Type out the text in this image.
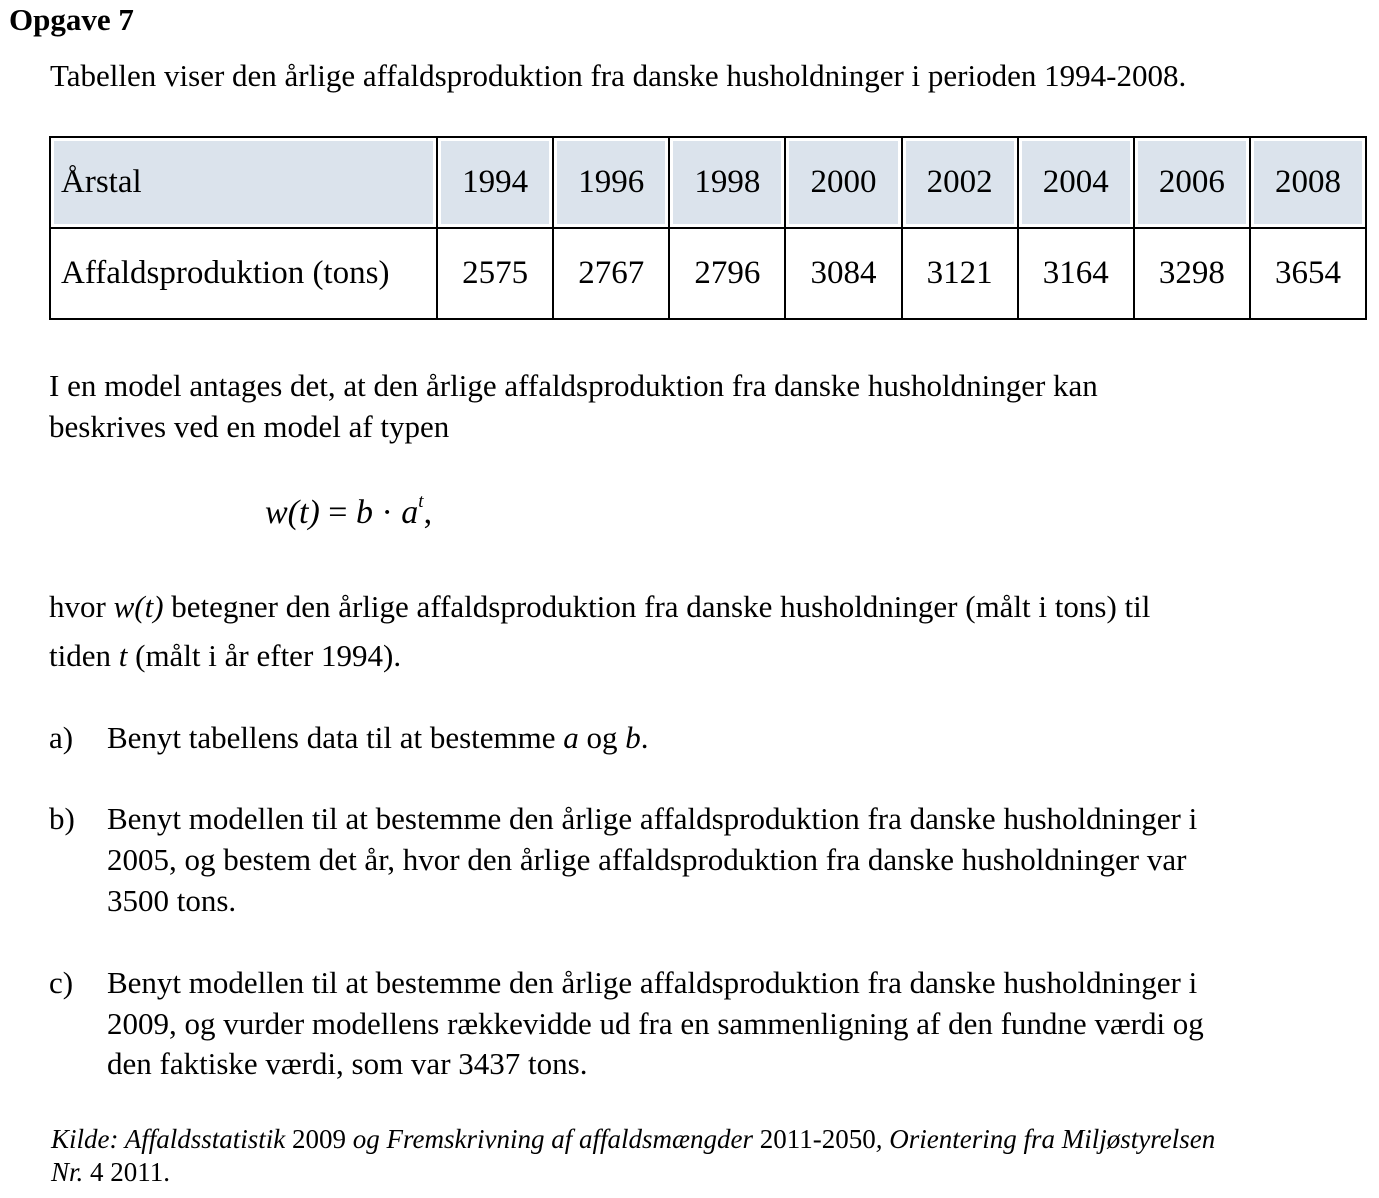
Opgave 7
Tabellen viser den årlige affaldsproduktion fra danske husholdninger i perioden 1994-2008.
Årstal	1994	1996	1998	2000	2002	2004	2006	2008
Affaldsproduktion (tons)	2575	2767	2796	3084	3121	3164	3298	3654
I en model antages det, at den årlige affaldsproduktion fra danske husholdninger kan
beskrives ved en model af typen
$w(t) = b \cdot a^t$,
hvor w(t) betegner den årlige affaldsproduktion fra danske husholdninger (målt i tons) til
tiden t (målt i år efter 1994).
a) Benyt tabellens data til at bestemme a og b.
b) Benyt modellen til at bestemme den årlige affaldsproduktion fra danske husholdninger i
2005, og bestem det år, hvor den årlige affaldsproduktion fra danske husholdninger var
3500 tons.
c) Benyt modellen til at bestemme den årlige affaldsproduktion fra danske husholdninger i
2009, og vurder modellens rækkevidde ud fra en sammenligning af den fundne værdi og
den faktiske værdi, som var 3437 tons.
Kilde: Affaldsstatistik 2009 og Fremskrivning af affaldsmængder 2011-2050, Orientering fra Miljøstyrelsen
Nr. 4 2011.
